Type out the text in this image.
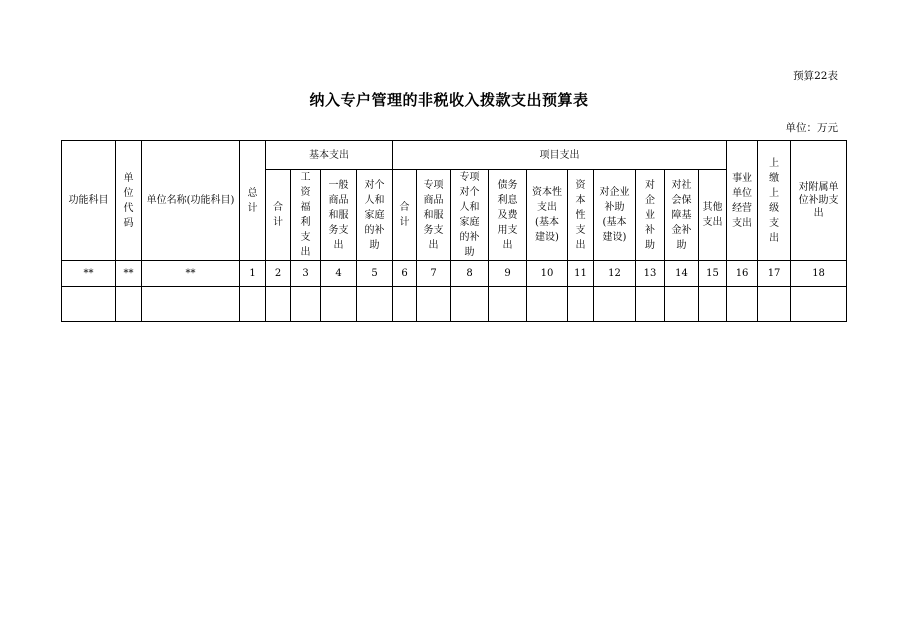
预算22表
纳入专户管理的非税收入拨款支出预算表
单位：万元
功能科目	单位代码	单位名称(功能科目)	总计	基本支出				项目支出										事业单位经营支出	上缴上级支出	对附属单位补助支出
				合计	工资福利支出	一般商品和服务支出	对个人和家庭的补助	合计	专项商品和服务支出	专项对个人和家庭的补助	债务利息及费用支出	资本性支出(基本建设)	资本性支出	对企业补助(基本建设)	对企业补助	对社会保障基金补助	其他支出			
**	**	**	1	2	3	4	5	6	7	8	9	10	11	12	13	14	15	16	17	18
